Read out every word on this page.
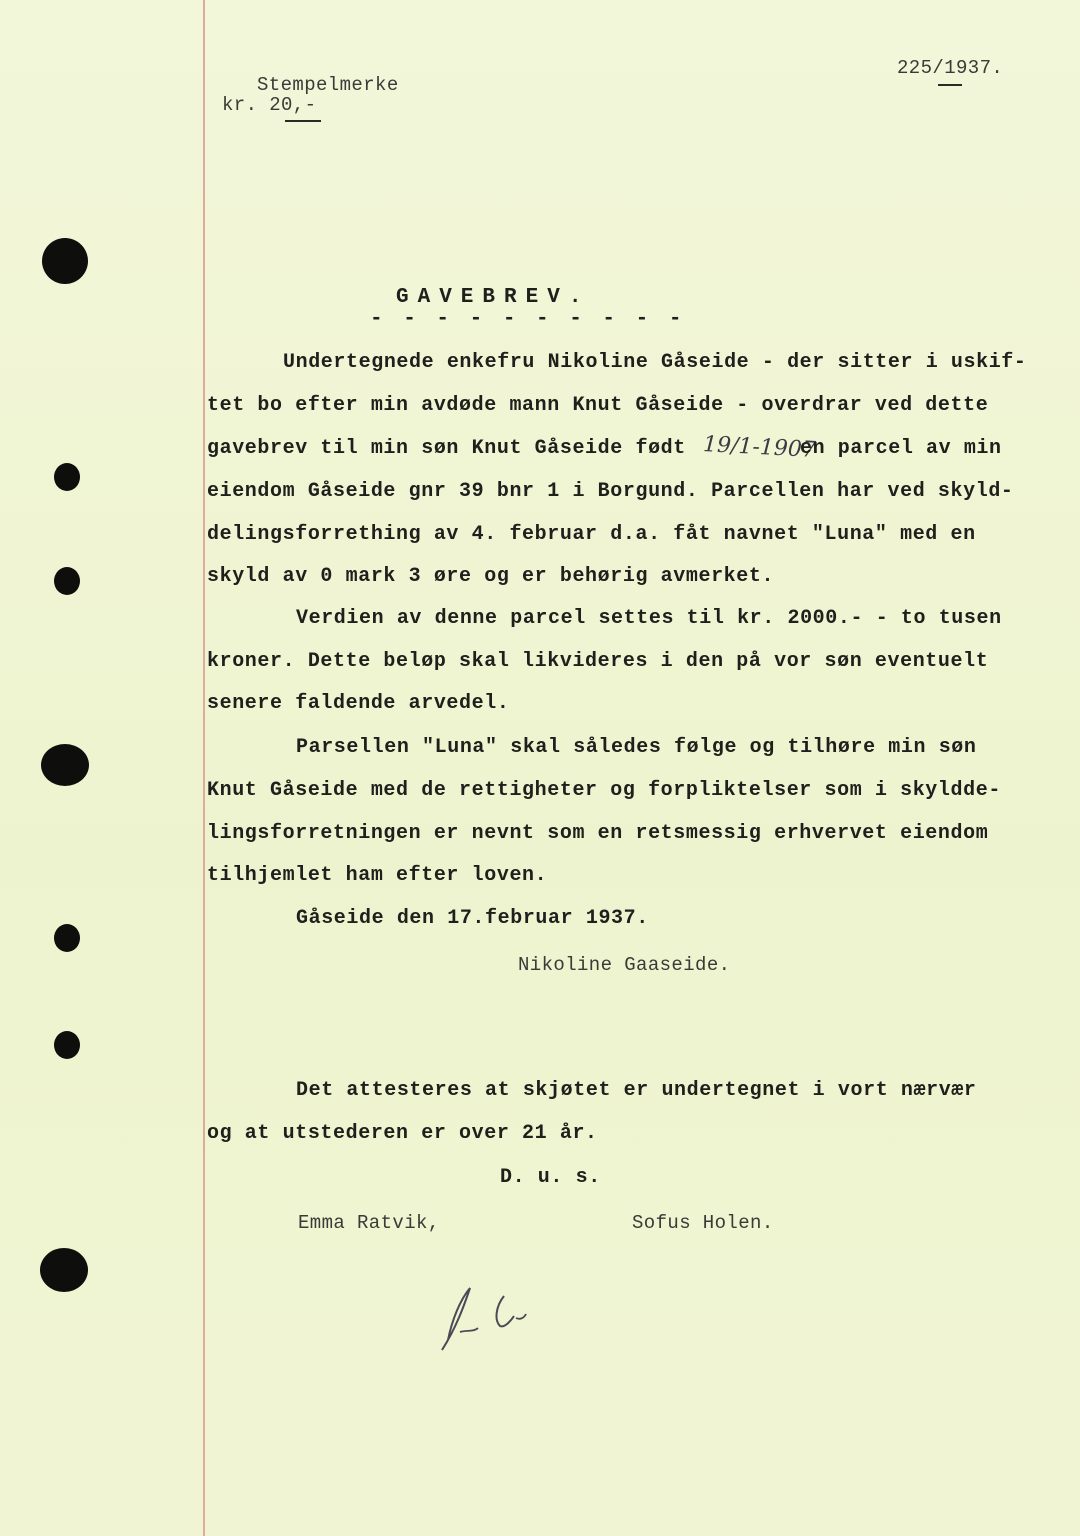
Stempelmerke
kr. 20,-
225/1937.
GAVEBREV.
- - - - - - - - - -
Undertegnede enkefru Nikoline Gåseide - der sitter i uskif-
tet bo efter min avdøde mann Knut Gåseide - overdrar ved dette
gavebrev til min søn Knut Gåseide født 19/1-1907
en parcel av min
eiendom Gåseide gnr 39 bnr 1 i Borgund. Parcellen har ved skyld-
delingsforrething av 4. februar d.a. fåt navnet "Luna" med en
skyld av 0 mark 3 øre og er behørig avmerket.
Verdien av denne parcel settes til kr. 2000.- - to tusen
kroner. Dette beløp skal likvideres i den på vor søn eventuelt
senere faldende arvedel.
Parsellen "Luna" skal således følge og tilhøre min søn
Knut Gåseide med de rettigheter og forpliktelser som i skyldde-
lingsforretningen er nevnt som en retsmessig erhvervet eiendom
tilhjemlet ham efter loven.
Gåseide den 17.februar 1937.
Nikoline Gaaseide.
Det attesteres at skjøtet er undertegnet i vort nærvær
og at utstederen er over 21 år.
D. u. s.
Emma Ratvik,	Sofus Holen.
